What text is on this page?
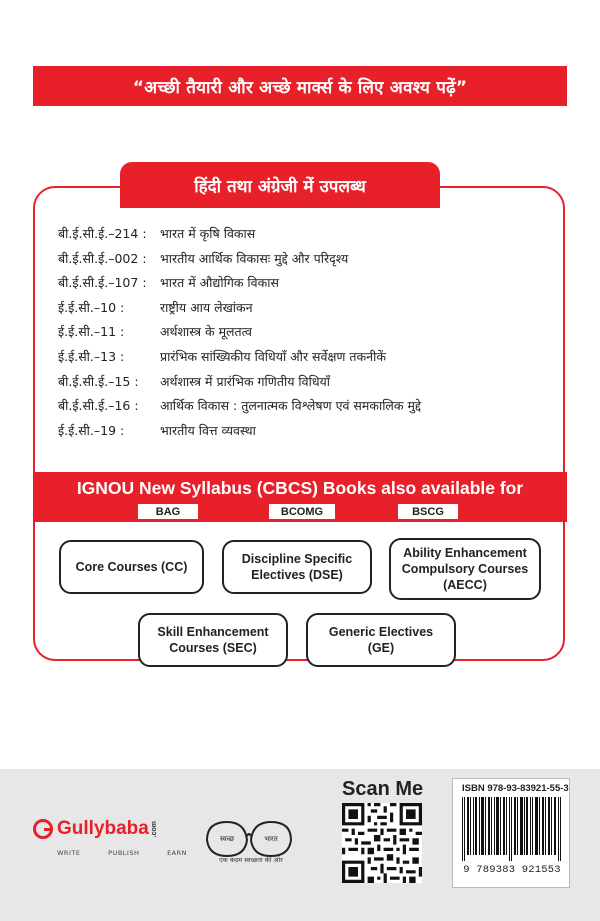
“अच्छी तैयारी और अच्छे मार्क्स के लिए अवश्य पढ़ें”
हिंदी तथा अंग्रेजी में उपलब्ध
बी.ई.सी.ई.–214 :	भारत में कृषि विकास
बी.ई.सी.ई.–002 :	भारतीय आर्थिक विकासः मुद्दे और परिदृश्य
बी.ई.सी.ई.–107 :	भारत में औद्योगिक विकास
ई.ई.सी.–10 :	राष्ट्रीय आय लेखांकन
ई.ई.सी.–11 :	अर्थशास्त्र के मूलतत्व
ई.ई.सी.–13 :	प्रारंभिक सांख्यिकीय विधियाँ और सर्वेक्षण तकनीकें
बी.ई.सी.ई.–15 :	अर्थशास्त्र में प्रारंभिक गणितीय विधियाँ
बी.ई.सी.ई.–16 :	आर्थिक विकास : तुलनात्मक विश्लेषण एवं समकालिक मुद्दे
ई.ई.सी.–19 :	भारतीय वित्त व्यवस्था
IGNOU New Syllabus (CBCS) Books also available for
BAG	BCOMG	BSCG
Core Courses (CC)
Discipline Specific
Electives (DSE)
Ability Enhancement
Compulsory Courses
(AECC)
Skill Enhancement
Courses (SEC)
Generic Electives
(GE)
Gullybaba .com
WRITE	PUBLISH	EARN
स्वच्छ	भारत
एक कदम स्वच्छता की ओर
Scan Me	ISBN 978-93-83921-55-3
9 789383 921553
